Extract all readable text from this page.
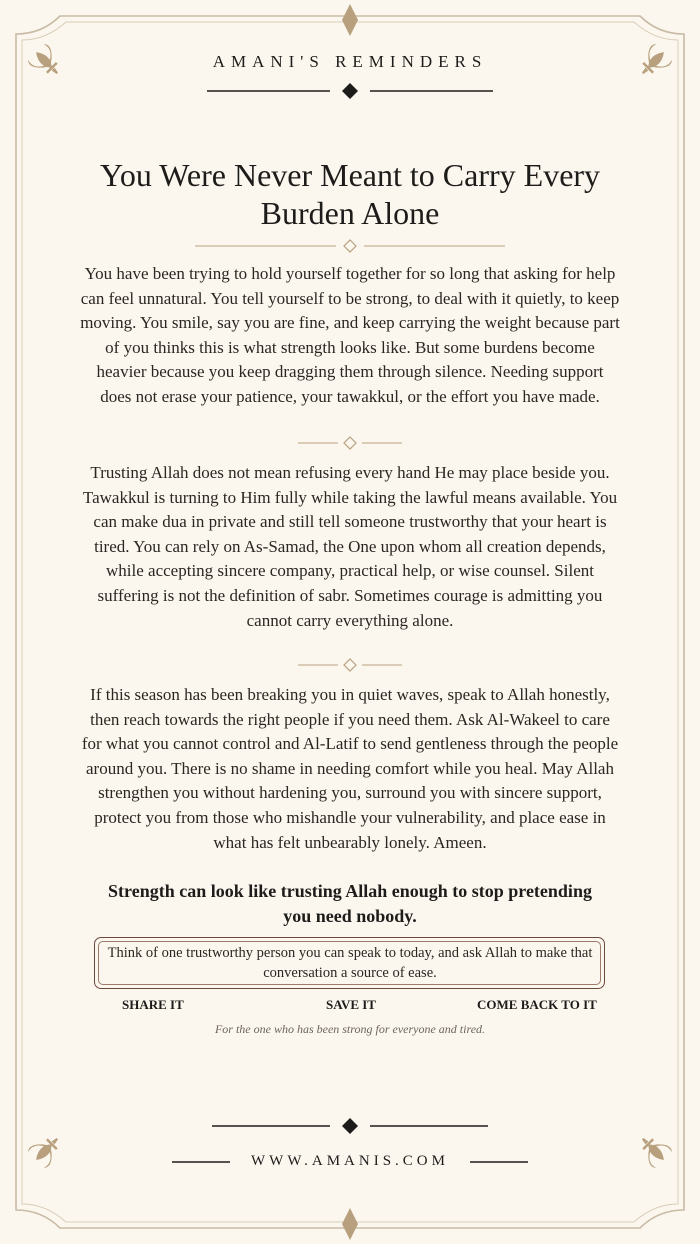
AMANI'S REMINDERS
You Were Never Meant to Carry Every Burden Alone

You have been trying to hold yourself together for so long that asking for help can feel unnatural. You tell yourself to be strong, to deal with it quietly, to keep moving. You smile, say you are fine, and keep carrying the weight because part of you thinks this is what strength looks like. But some burdens become heavier because you keep dragging them through silence. Needing support does not erase your patience, your tawakkul, or the effort you have made.

Trusting Allah does not mean refusing every hand He may place beside you. Tawakkul is turning to Him fully while taking the lawful means available. You can make dua in private and still tell someone trustworthy that your heart is tired. You can rely on As-Samad, the One upon whom all creation depends, while accepting sincere company, practical help, or wise counsel. Silent suffering is not the definition of sabr. Sometimes courage is admitting you cannot carry everything alone.

If this season has been breaking you in quiet waves, speak to Allah honestly, then reach towards the right people if you need them. Ask Al-Wakeel to care for what you cannot control and Al-Latif to send gentleness through the people around you. There is no shame in needing comfort while you heal. May Allah strengthen you without hardening you, surround you with sincere support, protect you from those who mishandle your vulnerability, and place ease in what has felt unbearably lonely. Ameen.

Strength can look like trusting Allah enough to stop pretending you need nobody.

Think of one trustworthy person you can speak to today, and ask Allah to make that conversation a source of ease.

SHARE IT	SAVE IT	COME BACK TO IT
For the one who has been strong for everyone and tired.
WWW.AMANIS.COM
